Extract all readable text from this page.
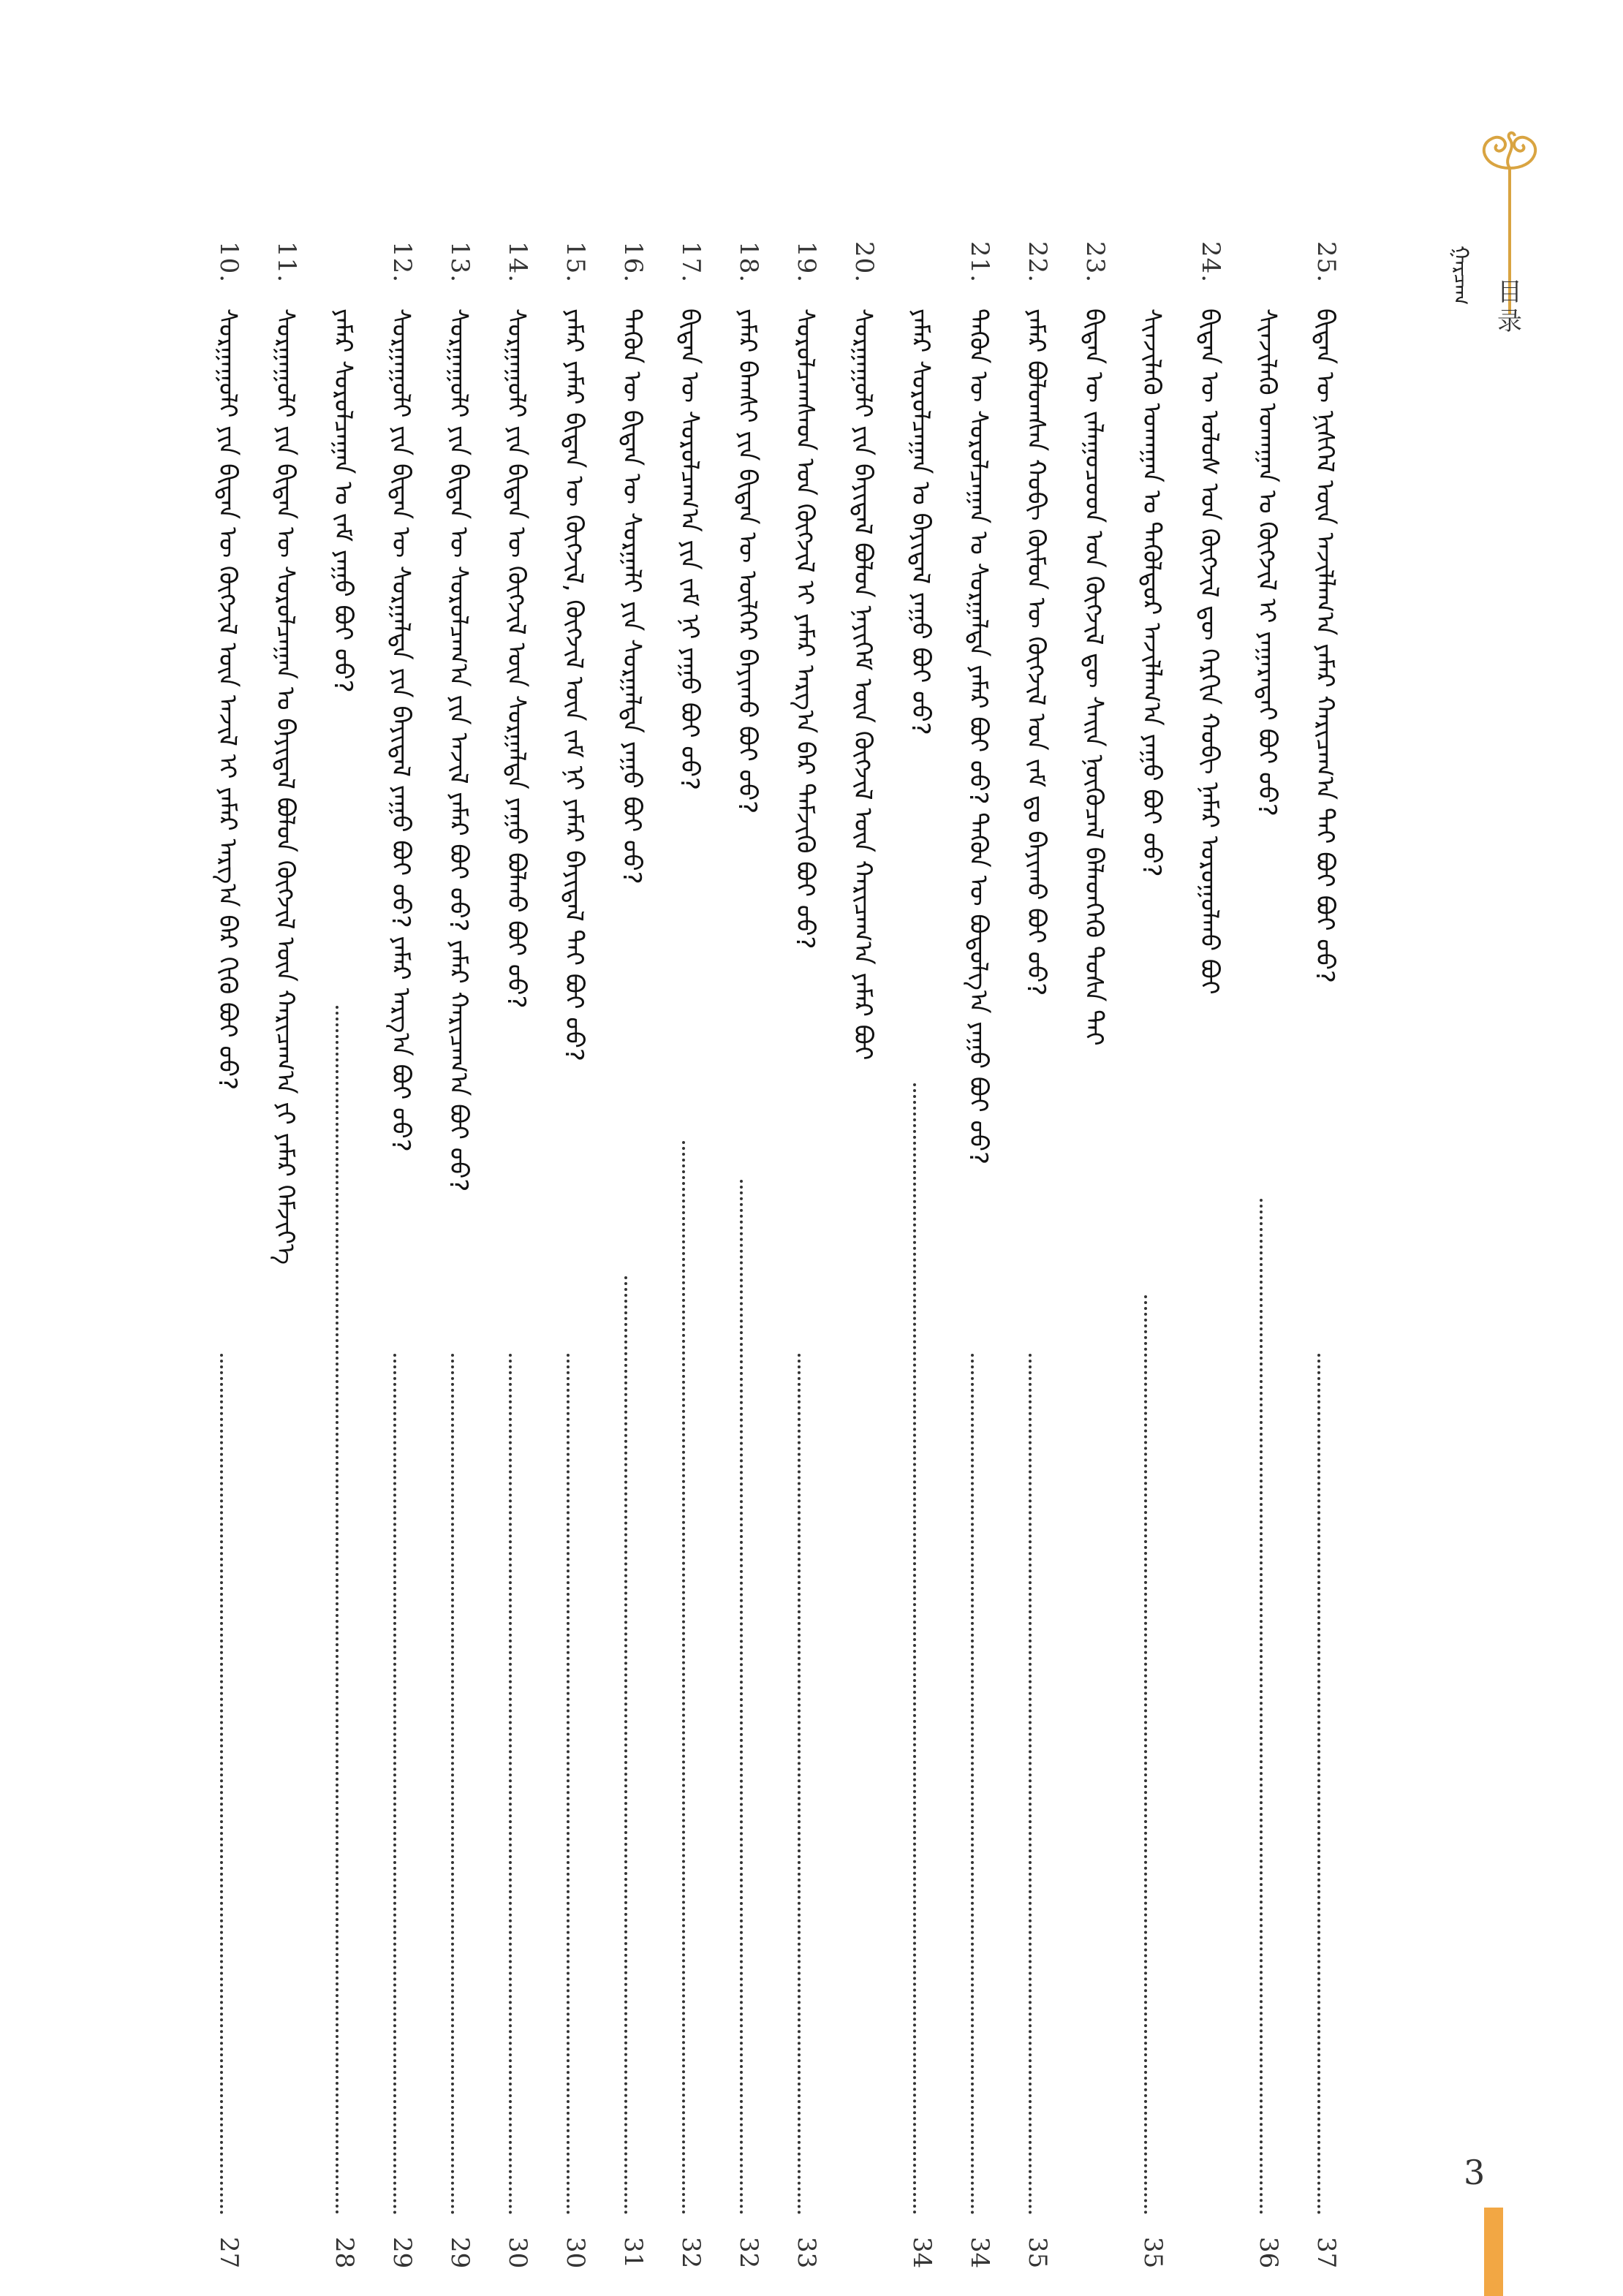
目录
ᠭᠠᠷᠴᠠᠭ
25.
ᠪᠢᠳᠡᠨ ᠦ ᠨᠢᠰᠬᠡᠯ ᠦᠨ ᠠᠵᠢᠯᠯᠠᠭ᠎ᠠ ᠶᠠᠮᠠᠷ ᠬᠠᠷᠢᠴᠠᠭ᠎ᠠ ᠲᠠᠢ ᠪᠤᠢ ᠪᠤᠢ ᠦᠦ?
37
ᠰᠢᠨᠵᠢᠯᠡᠬᠦ ᠤᠬᠠᠭᠠᠨ ᠤ ᠬᠦᠭᠵᠢᠯ ᠢ ᠶᠠᠭᠠᠷᠠᠲᠠᠢ ᠪᠤᠢ ᠦᠦ?
36
24.
ᠪᠢᠳᠡᠨ ᠦ ᠤᠯᠤᠰ ᠤᠨ ᠬᠥᠭᠵᠢᠯ ᠳᠦ ᠬᠡᠷᠬᠢᠨ ᠬᠤᠪᠢ ᠨᠡᠮᠡᠷ ᠤᠷᠤᠭᠤᠯᠬᠤ ᠪᠤᠢ
ᠰᠢᠨᠵᠢᠯᠡᠬᠦ ᠤᠬᠠᠭᠠᠨ ᠤ ᠲᠡᠭᠦᠯᠳᠦᠷ ᠠᠵᠢᠯᠯᠠᠭ᠎ᠠ ᠶᠠᠭᠤ ᠪᠤᠢ ᠦᠦ?
35
23.
ᠪᠢᠳᠡᠨ ᠦ ᠵᠠᠯᠠᠭᠤᠴᠤᠳ ᠤᠨ ᠬᠥᠭᠵᠢᠯ ᠳᠦ ᠰᠠᠢᠨ ᠨᠥᠬᠦᠴᠡᠯ ᠪᠡᠯᠡᠳᠬᠡᠬᠦ ᠲᠤᠰᠠ ᠲᠠᠢ
22.
ᠶᠠᠮᠠᠷ ᠪᠣᠯᠣᠭᠰᠠᠨ ᠬᠤᠪᠢ ᠬᠥᠮᠦᠨ ᠦ ᠬᠥᠭᠵᠢᠯ ᠤᠨ ᠵᠠᠮ ᠳᠤ ᠪᠠᠶᠢᠬᠤ ᠪᠤᠢ ᠦᠦ?
35
21.
ᠲᠡᠭᠦᠨ ᠦ ᠰᠤᠷᠤᠯᠴᠠᠭᠠᠨ ᠤ ᠰᠤᠷᠭᠠᠯᠲᠠ ᠶᠠᠮᠠᠷ ᠪᠤᠢ ᠦᠦ? ᠲᠡᠭᠦᠨ ᠦ ᠪᠤᠳᠤᠯᠭ᠎ᠠ ᠶᠠᠭᠤ ᠪᠤᠢ ᠦᠦ?
34
ᠶᠠᠮᠠᠷ ᠰᠤᠷᠤᠯᠴᠠᠭᠠᠨ ᠤ ᠪᠠᠶᠢᠳᠠᠯ ᠶᠠᠭᠤ ᠪᠤᠢ ᠦᠦ?
34
20.
ᠰᠤᠷᠭᠠᠭᠤᠯᠢ ᠶᠢᠨ ᠪᠠᠶᠢᠳᠠᠯ ᠪᠣᠯᠤᠨ ᠨᠡᠶᠢᠭᠡᠮ ᠦᠨ ᠬᠥᠭᠵᠢᠯ ᠦᠨ ᠬᠠᠷᠢᠴᠠᠭ᠎ᠠ ᠶᠠᠮᠠᠷ ᠪᠤᠢ
19.
ᠰᠤᠷᠤᠯᠴᠠᠭᠰᠠᠳ ᠤᠨ ᠬᠥᠭᠵᠢᠯ ᠢ ᠶᠠᠮᠠᠷ ᠠᠷᠭ᠎ᠠ ᠪᠠᠷ ᠳᠡᠮᠵᠢᠬᠦ ᠪᠤᠢ ᠦᠦ?
33
18.
ᠶᠠᠮᠠᠷ ᠪᠠᠭᠰᠢ ᠶᠢᠨ ᠪᠢᠳᠡᠨ ᠦ ᠦᠯᠭᠡᠷ ᠪᠠᠶᠢᠬᠤ ᠪᠤᠢ ᠦᠦ?
32
17.
ᠪᠢᠳᠡᠨ ᠦ ᠰᠤᠷᠤᠯᠴᠠᠭ᠎ᠠ ᠶᠢᠨ ᠵᠠᠮ ᠨᠢ ᠶᠠᠭᠤ ᠪᠤᠢ ᠦᠦ?
32
16.
ᠲᠡᠭᠦᠨ ᠦ ᠪᠢᠳᠡᠨ ᠦ ᠰᠤᠷᠭᠠᠯᠢ ᠶᠢᠨ ᠰᠤᠷᠭᠠᠯᠲᠠ ᠶᠠᠭᠤ ᠪᠤᠢ ᠦᠦ?
31
15.
ᠶᠠᠮᠠᠷ ᠶᠠᠮᠠᠷ ᠪᠢᠳᠡᠨ ᠦ ᠬᠥᠭᠵᠢᠯ, ᠬᠥᠭᠵᠢᠯ ᠦᠨ ᠵᠠᠮ ᠨᠢ ᠶᠠᠮᠠᠷ ᠪᠠᠶᠢᠳᠠᠯ ᠲᠠᠢ ᠪᠤᠢ ᠦᠦ?
30
14.
ᠰᠤᠷᠭᠠᠭᠤᠯᠢ ᠶᠢᠨ ᠪᠢᠳᠡᠨ ᠦ ᠬᠥᠭᠵᠢᠯ ᠦᠨ ᠰᠤᠷᠭᠠᠯᠲᠠ ᠶᠠᠭᠤ ᠪᠣᠯᠬᠤ ᠪᠤᠢ ᠦᠦ?
30
13.
ᠰᠤᠷᠭᠠᠭᠤᠯᠢ ᠶᠢᠨ ᠪᠢᠳᠡᠨ ᠦ ᠰᠤᠷᠤᠯᠴᠠᠭ᠎ᠠ ᠶᠢᠨ ᠠᠵᠢᠯ ᠶᠠᠮᠠᠷ ᠪᠤᠢ ᠦᠦ? ᠶᠠᠮᠠᠷ ᠬᠠᠷᠢᠴᠠᠭ᠎ᠠ ᠪᠤᠢ ᠦᠦ?
29
12.
ᠰᠤᠷᠭᠠᠭᠤᠯᠢ ᠶᠢᠨ ᠪᠢᠳᠡᠨ ᠦ ᠰᠤᠷᠭᠠᠯᠲᠠ ᠶᠢᠨ ᠪᠠᠶᠢᠳᠠᠯ ᠶᠠᠭᠤ ᠪᠤᠢ ᠦᠦ? ᠶᠠᠮᠠᠷ ᠠᠷᠭ᠎ᠠ ᠪᠤᠢ ᠦᠦ?
29
ᠶᠠᠮᠠᠷ ᠰᠤᠷᠤᠯᠴᠠᠭᠠᠨ ᠤ ᠵᠠᠮ ᠶᠠᠭᠤ ᠪᠤᠢ ᠦᠦ?
28
11.
ᠰᠤᠷᠭᠠᠭᠤᠯᠢ ᠶᠢᠨ ᠪᠢᠳᠡᠨ ᠦ ᠰᠤᠷᠤᠯᠴᠠᠭᠠᠨ ᠤ ᠪᠠᠶᠢᠳᠠᠯ ᠪᠣᠯᠤᠨ ᠬᠥᠭᠵᠢᠯ ᠦᠨ ᠬᠠᠷᠢᠴᠠᠭ᠎ᠠ ᠶᠢ ᠶᠠᠮᠠᠷ ᠬᠡᠮᠵᠢᠶ᠎ᠡ
10.
ᠰᠤᠷᠭᠠᠭᠤᠯᠢ ᠶᠢᠨ ᠪᠢᠳᠡᠨ ᠦ ᠬᠥᠭᠵᠢᠯ ᠦᠨ ᠠᠵᠢᠯ ᠢ ᠶᠠᠮᠠᠷ ᠠᠷᠭ᠎ᠠ ᠪᠠᠷ ᠬᠢᠬᠦ ᠪᠤᠢ ᠦᠦ?
27
3
